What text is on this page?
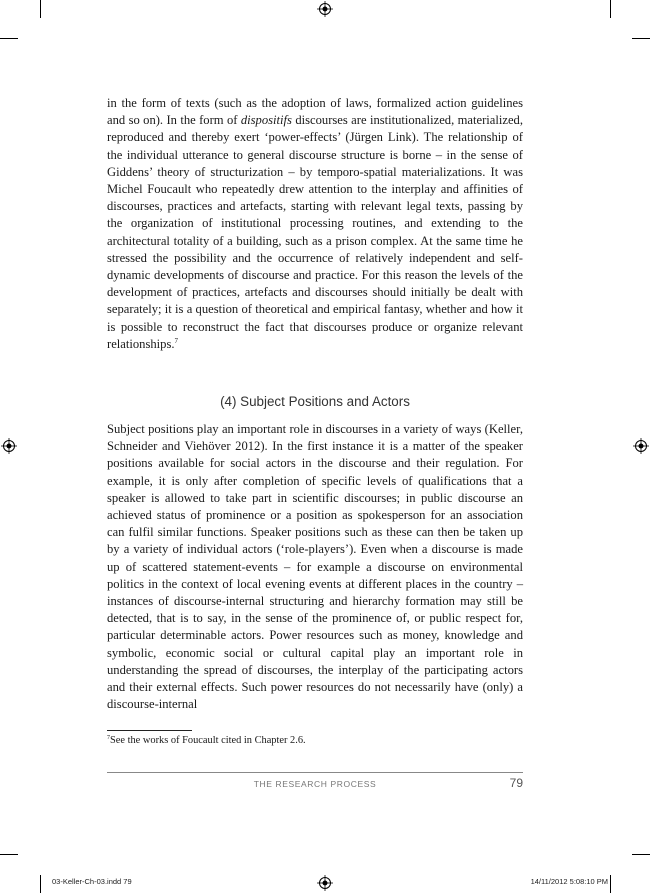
in the form of texts (such as the adoption of laws, formalized action guidelines and so on). In the form of dispositifs discourses are institutionalized, materialized, reproduced and thereby exert ‘power-effects’ (Jürgen Link). The relationship of the individual utterance to general discourse structure is borne – in the sense of Giddens’ theory of structurization – by temporo-spatial materializations. It was Michel Foucault who repeatedly drew attention to the interplay and affinities of discourses, practices and artefacts, starting with relevant legal texts, passing by the organization of institutional processing routines, and extending to the architectural totality of a building, such as a prison complex. At the same time he stressed the possibility and the occurrence of relatively independent and self-dynamic developments of discourse and practice. For this reason the levels of the development of practices, artefacts and discourses should initially be dealt with separately; it is a question of theoretical and empirical fantasy, whether and how it is possible to reconstruct the fact that discourses produce or organize relevant relationships.$^7$

(4) Subject Positions and Actors

Subject positions play an important role in discourses in a variety of ways (Keller, Schneider and Viehöver 2012). In the first instance it is a matter of the speaker positions available for social actors in the discourse and their regulation. For example, it is only after completion of specific levels of qualifications that a speaker is allowed to take part in scientific discourses; in public discourse an achieved status of prominence or a position as spokesperson for an association can fulfil similar functions. Speaker positions such as these can then be taken up by a variety of individual actors (‘role-players’). Even when a discourse is made up of scattered statement-events – for example a discourse on environmental politics in the context of local evening events at different places in the country – instances of discourse-internal structuring and hierarchy formation may still be detected, that is to say, in the sense of the prominence of, or public respect for, particular determinable actors. Power resources such as money, knowledge and symbolic, economic social or cultural capital play an important role in understanding the spread of discourses, the interplay of the participating actors and their external effects. Such power resources do not necessarily have (only) a discourse-internal

$^7$See the works of Foucault cited in Chapter 2.6.
THE RESEARCH PROCESS	79
03-Keller-Ch-03.indd 79	14/11/2012 5:08:10 PM
